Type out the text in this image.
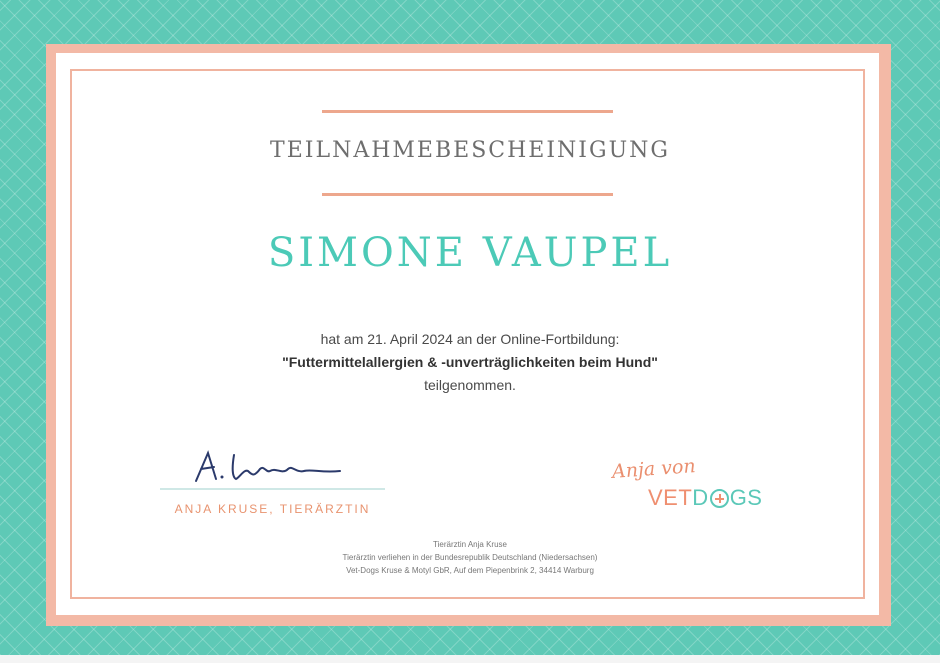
TEILNAHMEBESCHEINIGUNG
SIMONE VAUPEL
hat am 21. April 2024 an der Online-Fortbildung:
"Futtermittelallergien & -unverträglichkeiten beim Hund"
teilgenommen.
ANJA KRUSE, TIERÄRZTIN
Anja von
VET D GS
Tierärztin Anja Kruse
Tierärztin verliehen in der Bundesrepublik Deutschland (Niedersachsen)
Vet-Dogs Kruse & Motyl GbR, Auf dem Piepenbrink 2, 34414 Warburg
